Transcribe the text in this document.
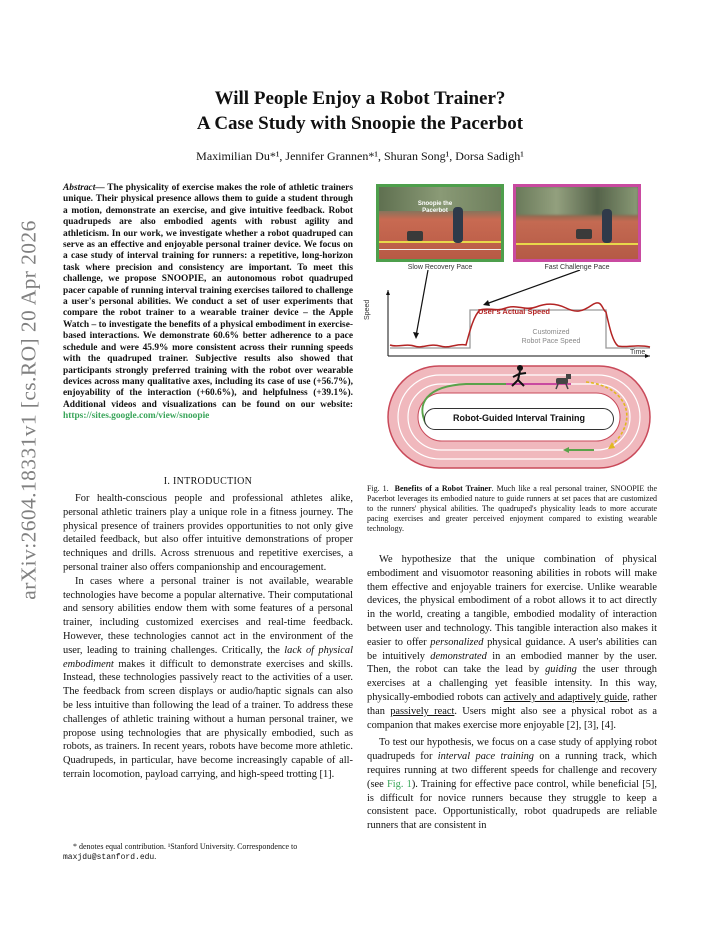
arXiv:2604.18331v1 [cs.RO] 20 Apr 2026
Will People Enjoy a Robot Trainer?
A Case Study with Snoopie the Pacerbot
Maximilian Du*¹, Jennifer Grannen*¹, Shuran Song¹, Dorsa Sadigh¹
Abstract— The physicality of exercise makes the role of athletic trainers unique. Their physical presence allows them to guide a student through a motion, demonstrate an exercise, and give intuitive feedback. Robot quadrupeds are also embodied agents with robust agility and athleticism. In our work, we investigate whether a robot quadruped can serve as an effective and enjoyable personal trainer device. We focus on a case study of interval training for runners: a repetitive, long-horizon task where precision and consistency are important. To meet this challenge, we propose SNOOPIE, an autonomous robot quadruped pacer capable of running interval training exercises tailored to challenge a user's personal abilities. We conduct a set of user experiments that compare the robot trainer to a wearable trainer device – the Apple Watch – to investigate the benefits of a physical embodiment in exercise-based interactions. We demonstrate 60.6% better adherence to a pace schedule and were 45.9% more consistent across their running speeds with the quadruped trainer. Subjective results also showed that participants strongly preferred training with the robot over wearable devices across many qualitative axes, including its case of use (+56.7%), enjoyability of the interaction (+60.6%), and helpfulness (+39.1%). Additional videos and visualizations can be found on our website: https://sites.google.com/view/snoopie
I. INTRODUCTION

For health-conscious people and professional athletes alike, personal athletic trainers play a unique role in a fitness journey. The physical presence of trainers provides opportunities to not only give detailed feedback, but also offer intuitive demonstrations of proper techniques and drills. Across strenuous and repetitive exercises, a personal trainer also offers companionship and encouragement.

In cases where a personal trainer is not available, wearable technologies have become a popular alternative. Their computational and sensory abilities endow them with some features of a personal trainer, including customized exercises and real-time feedback. However, these technologies cannot act in the environment of the user, leading to training challenges. Critically, the lack of physical embodiment makes it difficult to demonstrate exercises and skills. Instead, these technologies passively react to the activities of a user. The feedback from screen displays or audio/haptic signals can also be less intuitive than following the lead of a trainer. To address these challenges of athletic training without a human personal trainer, we propose using technologies that are physically embodied, such as robots, as trainers. In recent years, robots have become more athletic. Quadrupeds, in particular, have become increasingly capable of all-terrain locomotion, payload carrying, and high-speed trotting [1].

* denotes equal contribution. ¹Stanford University. Correspondence to maxjdu@stanford.edu.
Snoopie the Pacerbot
Slow Recovery Pace	Fast Challenge Pace
Speed
Time
User's Actual Speed
Customized
Robot Pace Speed
Robot-Guided Interval Training
Fig. 1. Benefits of a Robot Trainer. Much like a real personal trainer, SNOOPIE the Pacerbot leverages its embodied nature to guide runners at set paces that are customized to the runners' physical abilities. The quadruped's physicality leads to more accurate pacing exercises and greater perceived enjoyment compared to existing wearable technology.

We hypothesize that the unique combination of physical embodiment and visuomotor reasoning abilities in robots will make them effective and enjoyable trainers for exercise. Unlike wearable devices, the physical embodiment of a robot allows it to act directly in the world, creating a tangible, embodied modality of interaction between user and technology. This tangible interaction also makes it easier to offer personalized physical guidance. A user's abilities can be intuitively demonstrated in an embodied manner by the user. Then, the robot can take the lead by guiding the user through exercises at a challenging yet feasible intensity. In this way, physically-embodied robots can actively and adaptively guide, rather than passively react. Users might also see a physical robot as a companion that makes exercise more enjoyable [2], [3], [4].

To test our hypothesis, we focus on a case study of applying robot quadrupeds for interval pace training on a running track, which requires running at two different speeds for challenge and recovery (see Fig. 1). Training for effective pace control, while beneficial [5], is difficult for novice runners because they struggle to keep a consistent pace. Opportunistically, robot quadrupeds are reliable runners that are consistent in
